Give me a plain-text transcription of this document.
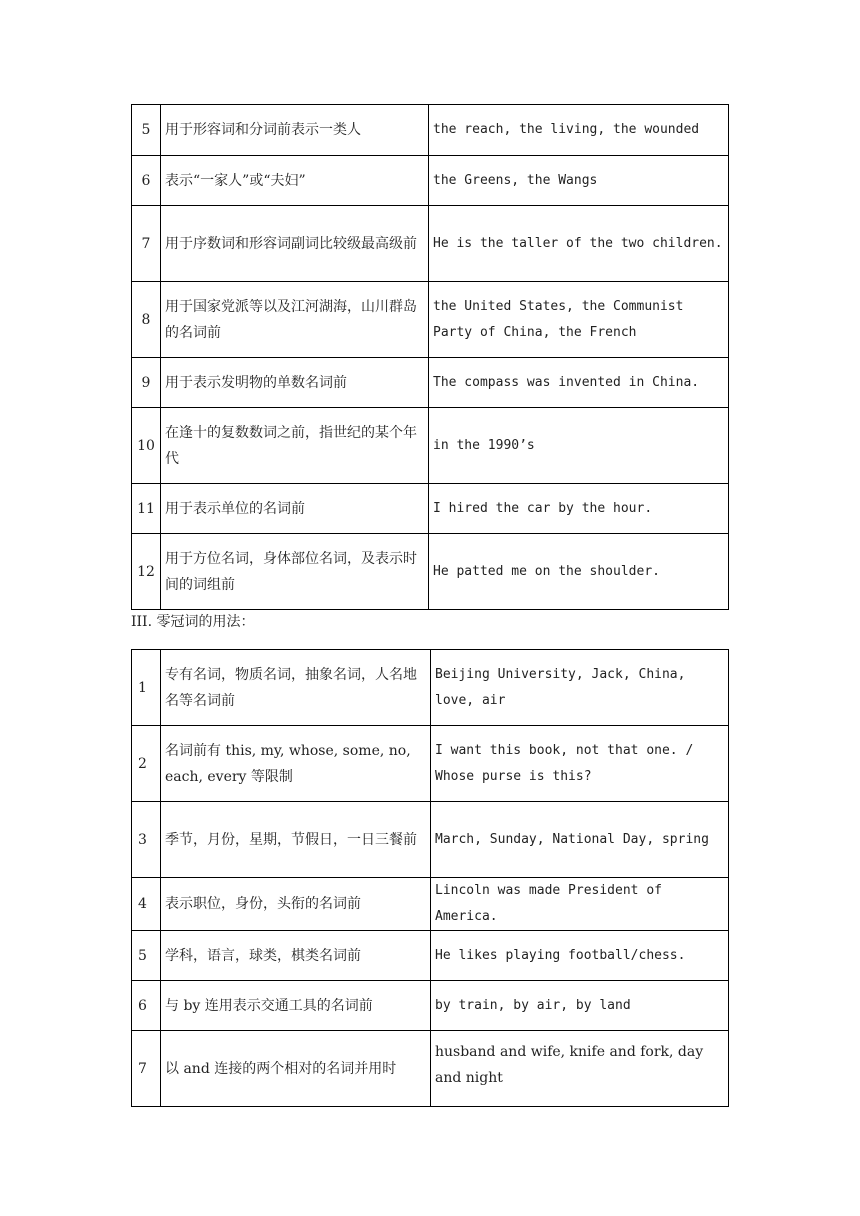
5	用于形容词和分词前表示一类人	the reach, the living, the wounded
6	表示“一家人”或“夫妇”	the Greens, the Wangs
7	用于序数词和形容词副词比较级最高级前	He is the taller of the two children.
8	用于国家党派等以及江河湖海，山川群岛的名词前	the United States, the Communist Party of China, the French
9	用于表示发明物的单数名词前	The compass was invented in China.
10	在逢十的复数数词之前，指世纪的某个年代	in the 1990’s
11	用于表示单位的名词前	I hired the car by the hour.
12	用于方位名词，身体部位名词，及表示时间的词组前	He patted me on the shoulder.
III. 零冠词的用法：
1	专有名词，物质名词，抽象名词，人名地名等名词前	Beijing University, Jack, China, love, air
2	名词前有 this, my, whose, some, no, each, every 等限制	I want this book, not that one. / Whose purse is this?
3	季节，月份，星期，节假日，一日三餐前	March, Sunday, National Day, spring
4	表示职位，身份，头衔的名词前	Lincoln was made President of America.
5	学科，语言，球类，棋类名词前	He likes playing football/chess.
6	与 by 连用表示交通工具的名词前	by train, by air, by land
7	以 and 连接的两个相对的名词并用时	husband and wife, knife and fork, day and night
